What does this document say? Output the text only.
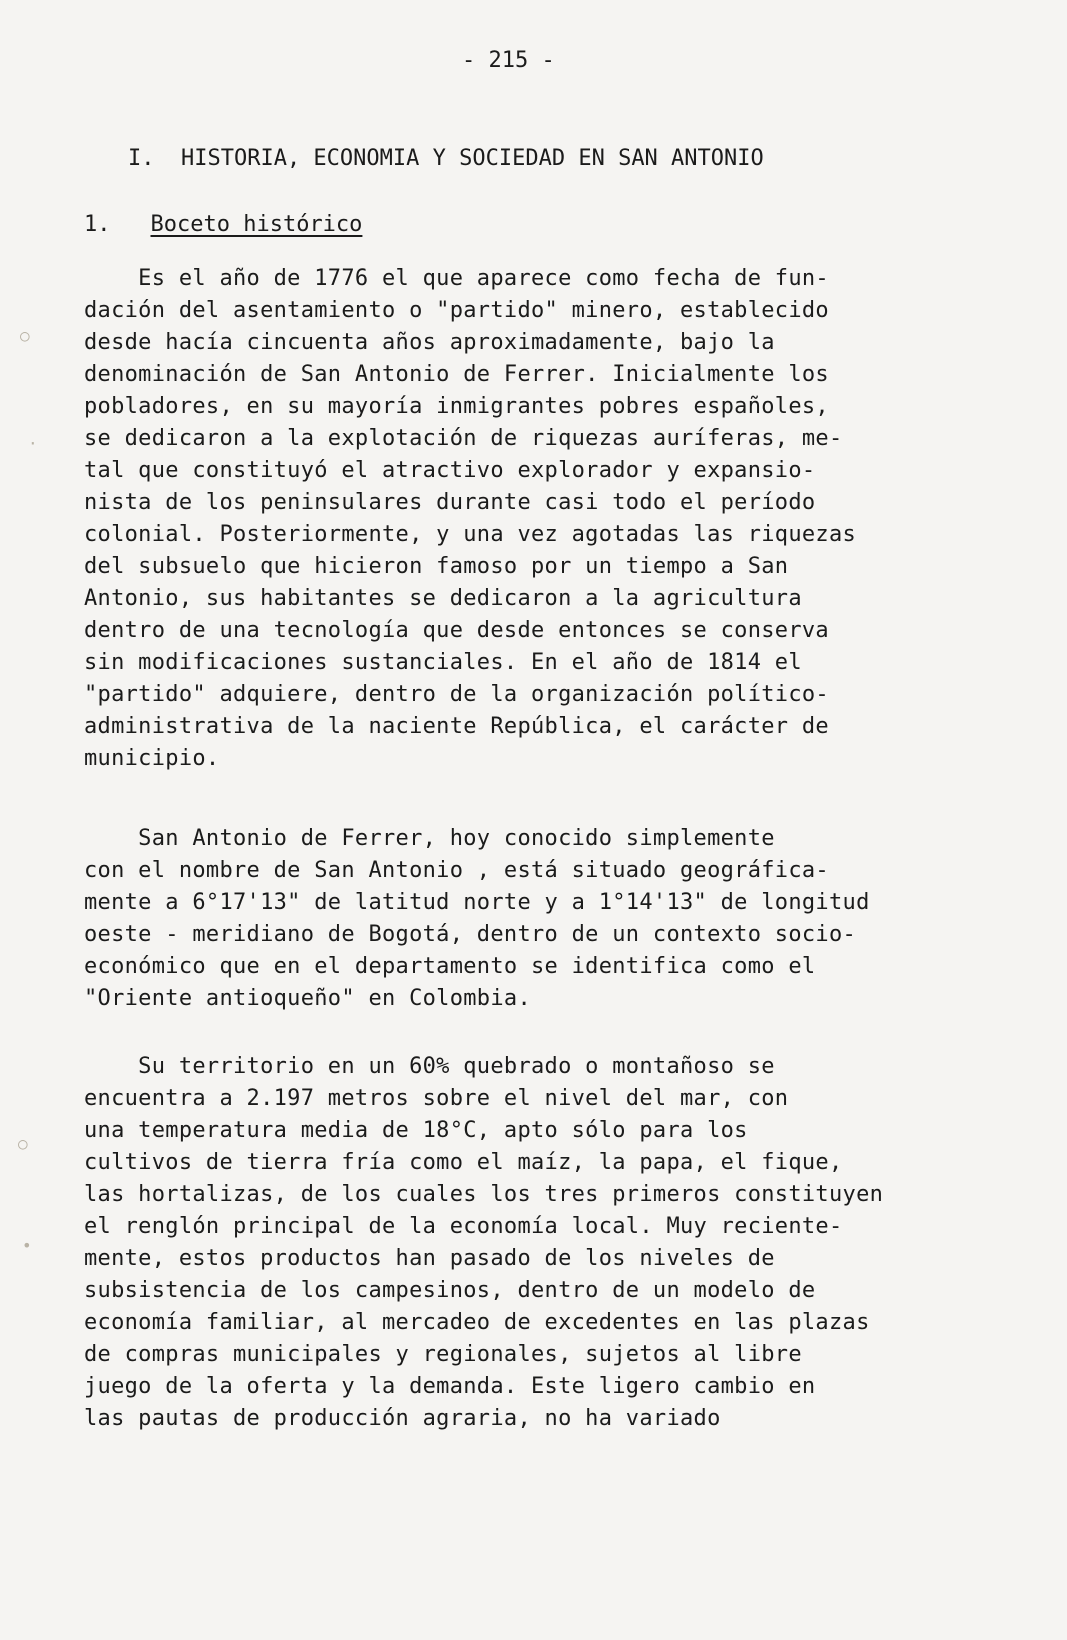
- 215 -
I.  HISTORIA, ECONOMIA Y SOCIEDAD EN SAN ANTONIO
1. Boceto histórico
Es el año de 1776 el que aparece como fecha de fun-
dación del asentamiento o "partido" minero, establecido
desde hacía cincuenta años aproximadamente, bajo la
denominación de San Antonio de Ferrer. Inicialmente los
pobladores, en su mayoría inmigrantes pobres españoles,
se dedicaron a la explotación de riquezas auríferas, me-
tal que constituyó el atractivo explorador y expansio-
nista de los peninsulares durante casi todo el período
colonial. Posteriormente, y una vez agotadas las riquezas
del subsuelo que hicieron famoso por un tiempo a San
Antonio, sus habitantes se dedicaron a la agricultura
dentro de una tecnología que desde entonces se conserva
sin modificaciones sustanciales. En el año de 1814 el
"partido" adquiere, dentro de la organización político-
administrativa de la naciente República, el carácter de
municipio.
San Antonio de Ferrer, hoy conocido simplemente
con el nombre de San Antonio , está situado geográfica-
mente a 6°17'13" de latitud norte y a 1°14'13" de longitud
oeste - meridiano de Bogotá, dentro de un contexto socio-
económico que en el departamento se identifica como el
"Oriente antioqueño" en Colombia.
Su territorio en un 60% quebrado o montañoso se
encuentra a 2.197 metros sobre el nivel del mar, con
una temperatura media de 18°C, apto sólo para los
cultivos de tierra fría como el maíz, la papa, el fique,
las hortalizas, de los cuales los tres primeros constituyen
el renglón principal de la economía local. Muy reciente-
mente, estos productos han pasado de los niveles de
subsistencia de los campesinos, dentro de un modelo de
economía familiar, al mercadeo de excedentes en las plazas
de compras municipales y regionales, sujetos al libre
juego de la oferta y la demanda. Este ligero cambio en
las pautas de producción agraria, no ha variado
○
·
○
•
